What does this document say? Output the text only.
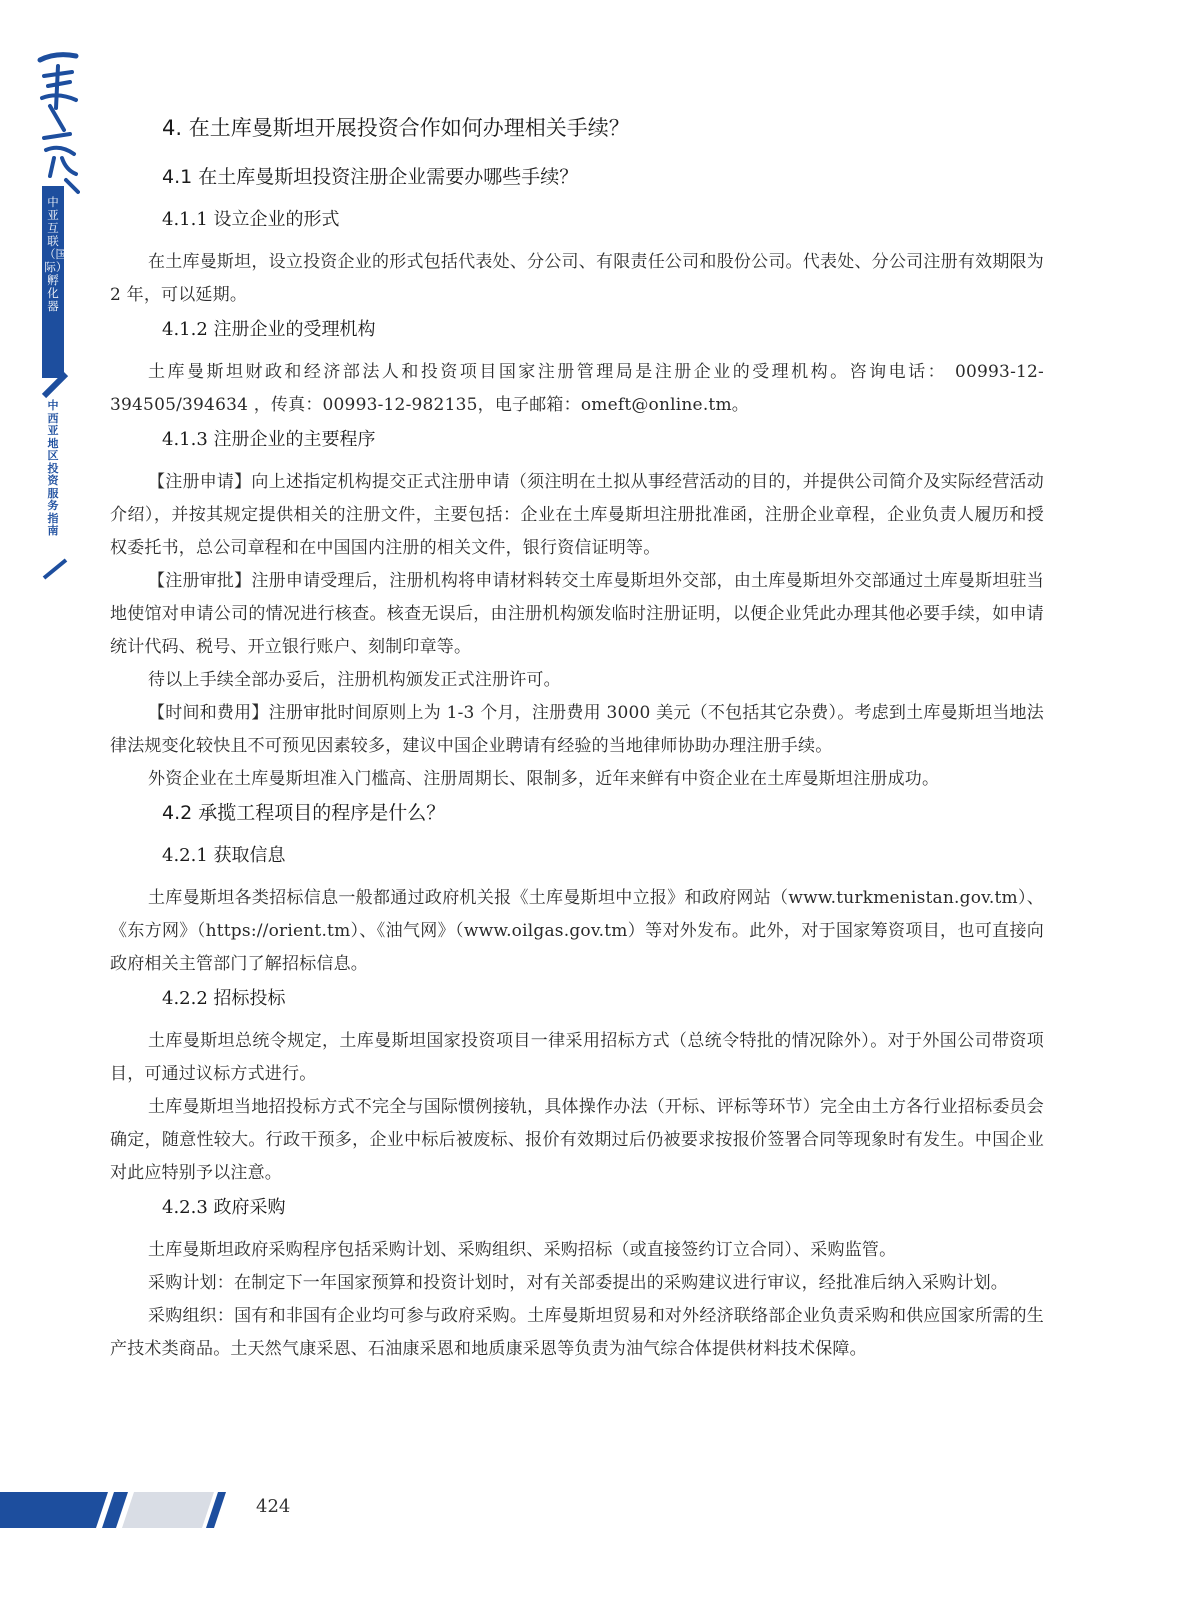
中亚互联（国际）孵化器
中西亚地区投资服务指南
4. 在土库曼斯坦开展投资合作如何办理相关手续？
4.1 在土库曼斯坦投资注册企业需要办哪些手续？
4.1.1 设立企业的形式

在土库曼斯坦，设立投资企业的形式包括代表处、分公司、有限责任公司和股份公司。代表处、分公司注册有效期限为 2 年，可以延期。

4.1.2 注册企业的受理机构

土库曼斯坦财政和经济部法人和投资项目国家注册管理局是注册企业的受理机构。咨询电话： 00993-12-394505/394634 ，传真：00993-12-982135，电子邮箱：omeft@online.tm。

4.1.3 注册企业的主要程序

【注册申请】向上述指定机构提交正式注册申请（须注明在土拟从事经营活动的目的，并提供公司简介及实际经营活动介绍），并按其规定提供相关的注册文件，主要包括：企业在土库曼斯坦注册批准函，注册企业章程，企业负责人履历和授权委托书，总公司章程和在中国国内注册的相关文件，银行资信证明等。

【注册审批】注册申请受理后，注册机构将申请材料转交土库曼斯坦外交部，由土库曼斯坦外交部通过土库曼斯坦驻当地使馆对申请公司的情况进行核查。核查无误后，由注册机构颁发临时注册证明，以便企业凭此办理其他必要手续，如申请统计代码、税号、开立银行账户、刻制印章等。

待以上手续全部办妥后，注册机构颁发正式注册许可。

【时间和费用】注册审批时间原则上为 1-3 个月，注册费用 3000 美元（不包括其它杂费）。考虑到土库曼斯坦当地法律法规变化较快且不可预见因素较多，建议中国企业聘请有经验的当地律师协助办理注册手续。

外资企业在土库曼斯坦准入门槛高、注册周期长、限制多，近年来鲜有中资企业在土库曼斯坦注册成功。

4.2 承揽工程项目的程序是什么？
4.2.1 获取信息

土库曼斯坦各类招标信息一般都通过政府机关报《土库曼斯坦中立报》和政府网站（www.turkmenistan.gov.tm）、《东方网》（https://orient.tm）、《油气网》（www.oilgas.gov.tm）等对外发布。此外，对于国家筹资项目，也可直接向政府相关主管部门了解招标信息。

4.2.2 招标投标

土库曼斯坦总统令规定，土库曼斯坦国家投资项目一律采用招标方式（总统令特批的情况除外）。对于外国公司带资项目，可通过议标方式进行。

土库曼斯坦当地招投标方式不完全与国际惯例接轨，具体操作办法（开标、评标等环节）完全由土方各行业招标委员会确定，随意性较大。行政干预多，企业中标后被废标、报价有效期过后仍被要求按报价签署合同等现象时有发生。中国企业对此应特别予以注意。

4.2.3 政府采购

土库曼斯坦政府采购程序包括采购计划、采购组织、采购招标（或直接签约订立合同）、采购监管。

采购计划：在制定下一年国家预算和投资计划时，对有关部委提出的采购建议进行审议，经批准后纳入采购计划。

采购组织：国有和非国有企业均可参与政府采购。土库曼斯坦贸易和对外经济联络部企业负责采购和供应国家所需的生产技术类商品。土天然气康采恩、石油康采恩和地质康采恩等负责为油气综合体提供材料技术保障。

424
